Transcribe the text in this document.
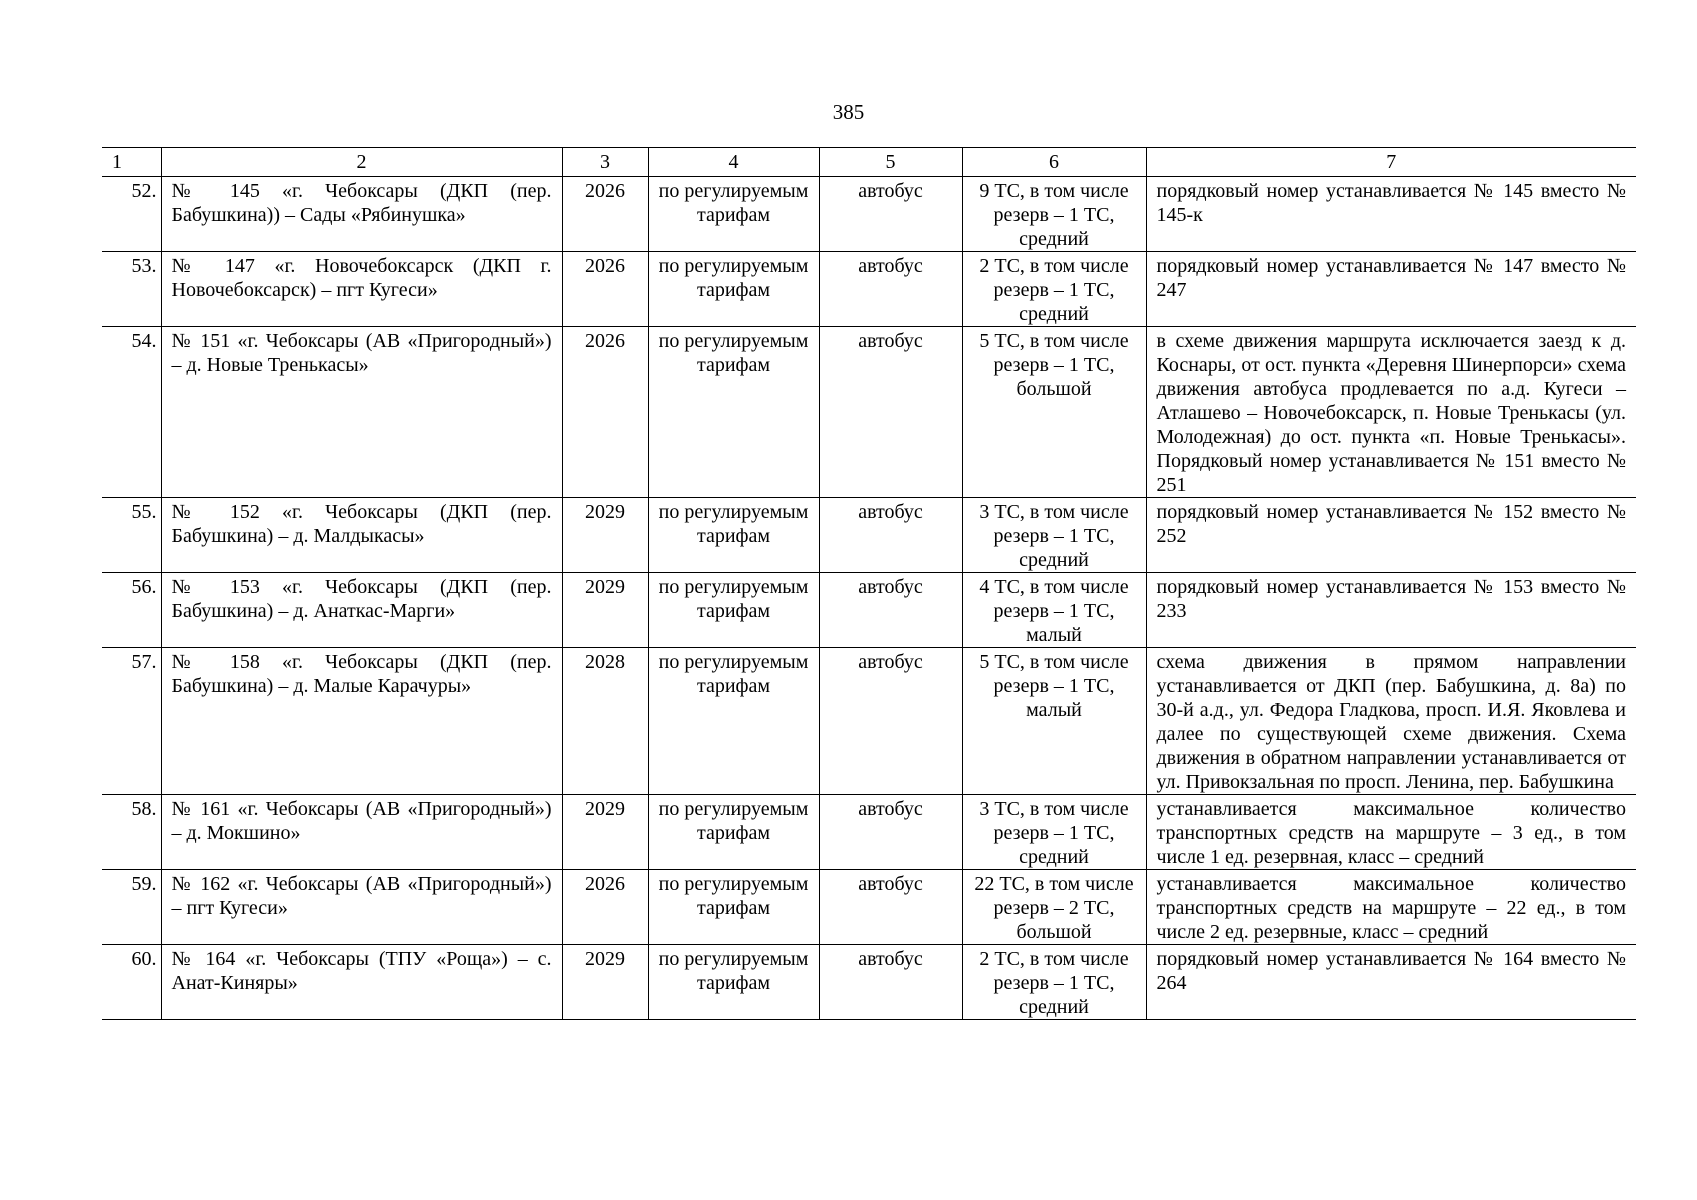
385
1	2	3	4	5	6	7
52.	№ 145 «г. Чебоксары (ДКП (пер. Бабушкина)) – Сады «Рябинушка»	2026	по регулируемым тарифам	автобус	9 ТС, в том числе резерв – 1 ТС, средний	порядковый номер устанавливается № 145 вместо № 145-к
53.	№ 147 «г. Новочебоксарск (ДКП г. Новочебоксарск) – пгт Кугеси»	2026	по регулируемым тарифам	автобус	2 ТС, в том числе резерв – 1 ТС, средний	порядковый номер устанавливается № 147 вместо № 247
54.	№ 151 «г. Чебоксары (АВ «Пригородный») – д. Новые Тренькасы»	2026	по регулируемым тарифам	автобус	5 ТС, в том числе резерв – 1 ТС, большой	в схеме движения маршрута исключается заезд к д. Коснары, от ост. пункта «Деревня Шинерпорси» схема движения автобуса продлевается по а.д. Кугеси – Атлашево – Новочебоксарск, п. Новые Тренькасы (ул. Молодежная) до ост. пункта «п. Новые Тренькасы». Порядковый номер устанавливается № 151 вместо № 251
55.	№ 152 «г. Чебоксары (ДКП (пер. Бабушкина) – д. Малдыкасы»	2029	по регулируемым тарифам	автобус	3 ТС, в том числе резерв – 1 ТС, средний	порядковый номер устанавливается № 152 вместо № 252
56.	№ 153 «г. Чебоксары (ДКП (пер. Бабушкина) – д. Анаткас-Марги»	2029	по регулируемым тарифам	автобус	4 ТС, в том числе резерв – 1 ТС, малый	порядковый номер устанавливается № 153 вместо № 233
57.	№ 158 «г. Чебоксары (ДКП (пер. Бабушкина) – д. Малые Карачуры»	2028	по регулируемым тарифам	автобус	5 ТС, в том числе резерв – 1 ТС, малый	схема движения в прямом направлении устанавливается от ДКП (пер. Бабушкина, д. 8а) по 30-й а.д., ул. Федора Гладкова, просп. И.Я. Яковлева и далее по существующей схеме движения. Схема движения в обратном направлении устанавливается от ул. Привокзальная по просп. Ленина, пер. Бабушкина
58.	№ 161 «г. Чебоксары (АВ «Пригородный») – д. Мокшино»	2029	по регулируемым тарифам	автобус	3 ТС, в том числе резерв – 1 ТС, средний	устанавливается максимальное количество транспортных средств на маршруте – 3 ед., в том числе 1 ед. резервная, класс – средний
59.	№ 162 «г. Чебоксары (АВ «Пригородный») – пгт Кугеси»	2026	по регулируемым тарифам	автобус	22 ТС, в том числе резерв – 2 ТС, большой	устанавливается максимальное количество транспортных средств на маршруте – 22 ед., в том числе 2 ед. резервные, класс – средний
60.	№ 164 «г. Чебоксары (ТПУ «Роща») – с. Анат-Киняры»	2029	по регулируемым тарифам	автобус	2 ТС, в том числе резерв – 1 ТС, средний	порядковый номер устанавливается № 164 вместо № 264
